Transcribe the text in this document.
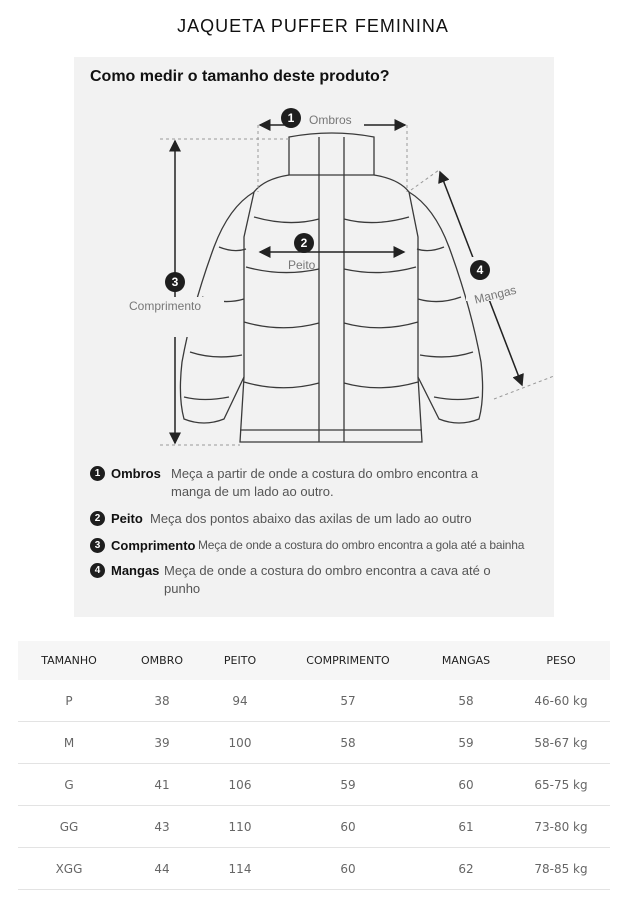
JAQUETA PUFFER FEMININA
Como medir o tamanho deste produto?
1 Ombros
2
Peito
3
Comprimento
4
Mangas
1 Ombros Meça a partir de onde a costura do ombro encontra a
manga de um lado ao outro.
2 Peito Meça dos pontos abaixo das axilas de um lado ao outro
3 Comprimento Meça de onde a costura do ombro encontra a gola até a bainha
4 Mangas Meça de onde a costura do ombro encontra a cava até o
punho
TAMANHO	OMBRO	PEITO	COMPRIMENTO	MANGAS	PESO
P	38	94	57	58	46-60 kg
M	39	100	58	59	58-67 kg
G	41	106	59	60	65-75 kg
GG	43	110	60	61	73-80 kg
XGG	44	114	60	62	78-85 kg
